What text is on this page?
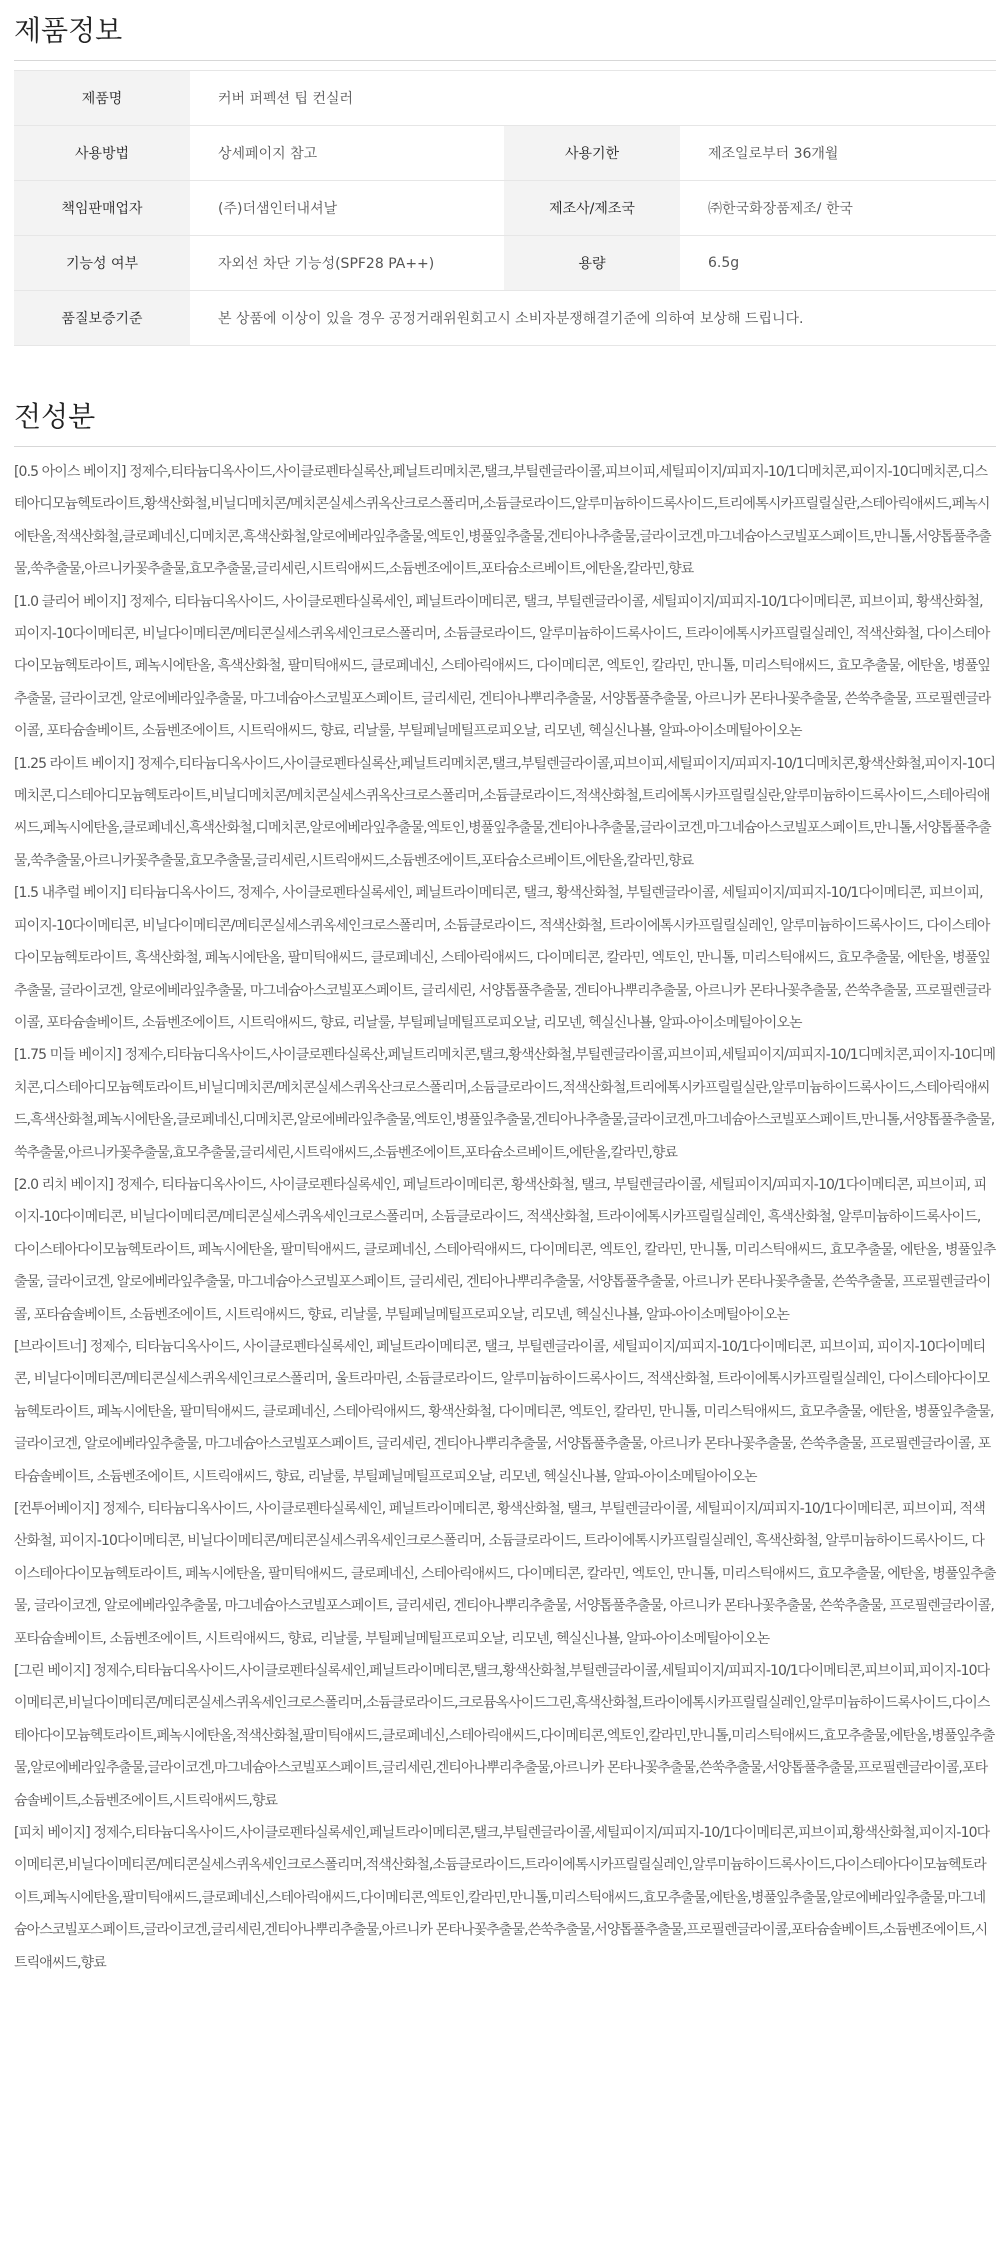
제품정보
제품명	커버 퍼펙션 팁 컨실러		
사용방법	상세페이지 참고	사용기한	제조일로부터 36개월
책임판매업자	(주)더샘인터내셔날	제조사/제조국	㈜한국화장품제조/ 한국
기능성 여부	자외선 차단 기능성(SPF28 PA++)	용량	6.5g
품질보증기준	본 상품에 이상이 있을 경우 공정거래위원회고시 소비자분쟁해결기준에 의하여 보상해 드립니다.		
전성분

[0.5 아이스 베이지] 정제수,티타늄디옥사이드,사이클로펜타실록산,페닐트리메치콘,탤크,부틸렌글라이콜,피브이피,세틸피이지/피피지-10/1디메치콘,피이지-10디메치콘,디스테아디모늄헥토라이트,황색산화철,비닐디메치콘/메치콘실세스퀴옥산크로스폴리머,소듐클로라이드,알루미늄하이드록사이드,트리에톡시카프릴릴실란,스테아릭애씨드,페녹시에탄올,적색산화철,클로페네신,디메치콘,흑색산화철,알로에베라잎추출물,엑토인,병풀잎추출물,겐티아나추출물,글라이코겐,마그네슘아스코빌포스페이트,만니톨,서양톱풀추출물,쑥추출물,아르니카꽃추출물,효모추출물,글리세린,시트릭애씨드,소듐벤조에이트,포타슘소르베이트,에탄올,칼라민,향료

[1.0 클리어 베이지] 정제수, 티타늄디옥사이드, 사이클로펜타실록세인, 페닐트라이메티콘, 탤크, 부틸렌글라이콜, 세틸피이지/피피지-10/1다이메티콘, 피브이피, 황색산화철, 피이지-10다이메티콘, 비닐다이메티콘/메티콘실세스퀴옥세인크로스폴리머, 소듐클로라이드, 알루미늄하이드록사이드, 트라이에톡시카프릴릴실레인, 적색산화철, 다이스테아다이모늄헥토라이트, 페녹시에탄올, 흑색산화철, 팔미틱애씨드, 클로페네신, 스테아릭애씨드, 다이메티콘, 엑토인, 칼라민, 만니톨, 미리스틱애씨드, 효모추출물, 에탄올, 병풀잎추출물, 글라이코겐, 알로에베라잎추출물, 마그네슘아스코빌포스페이트, 글리세린, 겐티아나뿌리추출물, 서양톱풀추출물, 아르니카 몬타나꽃추출물, 쓴쑥추출물, 프로필렌글라이콜, 포타슘솔베이트, 소듐벤조에이트, 시트릭애씨드, 향료, 리날룰, 부틸페닐메틸프로피오날, 리모넨, 헥실신나뵬, 알파-아이소메틸아이오논

[1.25 라이트 베이지] 정제수,티타늄디옥사이드,사이클로펜타실록산,페닐트리메치콘,탤크,부틸렌글라이콜,피브이피,세틸피이지/피피지-10/1디메치콘,황색산화철,피이지-10디메치콘,디스테아디모늄헥토라이트,비닐디메치콘/메치콘실세스퀴옥산크로스폴리머,소듐클로라이드,적색산화철,트리에톡시카프릴릴실란,알루미늄하이드록사이드,스테아릭애씨드,페녹시에탄올,클로페네신,흑색산화철,디메치콘,알로에베라잎추출물,엑토인,병풀잎추출물,겐티아나추출물,글라이코겐,마그네슘아스코빌포스페이트,만니톨,서양톱풀추출물,쑥추출물,아르니카꽃추출물,효모추출물,글리세린,시트릭애씨드,소듐벤조에이트,포타슘소르베이트,에탄올,칼라민,향료

[1.5 내추럴 베이지] 티타늄디옥사이드, 정제수, 사이클로펜타실록세인, 페닐트라이메티콘, 탤크, 황색산화철, 부틸렌글라이콜, 세틸피이지/피피지-10/1다이메티콘, 피브이피, 피이지-10다이메티콘, 비닐다이메티콘/메티콘실세스퀴옥세인크로스폴리머, 소듐클로라이드, 적색산화철, 트라이에톡시카프릴릴실레인, 알루미늄하이드록사이드, 다이스테아다이모늄헥토라이트, 흑색산화철, 페녹시에탄올, 팔미틱애씨드, 클로페네신, 스테아릭애씨드, 다이메티콘, 칼라민, 엑토인, 만니톨, 미리스틱애씨드, 효모추출물, 에탄올, 병풀잎추출물, 글라이코겐, 알로에베라잎추출물, 마그네슘아스코빌포스페이트, 글리세린, 서양톱풀추출물, 겐티아나뿌리추출물, 아르니카 몬타나꽃추출물, 쓴쑥추출물, 프로필렌글라이콜, 포타슘솔베이트, 소듐벤조에이트, 시트릭애씨드, 향료, 리날룰, 부틸페닐메틸프로피오날, 리모넨, 헥실신나뵬, 알파-아이소메틸아이오논

[1.75 미들 베이지] 정제수,티타늄디옥사이드,사이클로펜타실록산,페닐트리메치콘,탤크,황색산화철,부틸렌글라이콜,피브이피,세틸피이지/피피지-10/1디메치콘,피이지-10디메치콘,디스테아디모늄헥토라이트,비닐디메치콘/메치콘실세스퀴옥산크로스폴리머,소듐클로라이드,적색산화철,트리에톡시카프릴릴실란,알루미늄하이드록사이드,스테아릭애씨드,흑색산화철,페녹시에탄올,클로페네신,디메치콘,알로에베라잎추출물,엑토인,병풀잎추출물,겐티아나추출물,글라이코겐,마그네슘아스코빌포스페이트,만니톨,서양톱풀추출물,쑥추출물,아르니카꽃추출물,효모추출물,글리세린,시트릭애씨드,소듐벤조에이트,포타슘소르베이트,에탄올,칼라민,향료

[2.0 리치 베이지] 정제수, 티타늄디옥사이드, 사이클로펜타실록세인, 페닐트라이메티콘, 황색산화철, 탤크, 부틸렌글라이콜, 세틸피이지/피피지-10/1다이메티콘, 피브이피, 피이지-10다이메티콘, 비닐다이메티콘/메티콘실세스퀴옥세인크로스폴리머, 소듐클로라이드, 적색산화철, 트라이에톡시카프릴릴실레인, 흑색산화철, 알루미늄하이드록사이드, 다이스테아다이모늄헥토라이트, 페녹시에탄올, 팔미틱애씨드, 클로페네신, 스테아릭애씨드, 다이메티콘, 엑토인, 칼라민, 만니톨, 미리스틱애씨드, 효모추출물, 에탄올, 병풀잎추출물, 글라이코겐, 알로에베라잎추출물, 마그네슘아스코빌포스페이트, 글리세린, 겐티아나뿌리추출물, 서양톱풀추출물, 아르니카 몬타나꽃추출물, 쓴쑥추출물, 프로필렌글라이콜, 포타슘솔베이트, 소듐벤조에이트, 시트릭애씨드, 향료, 리날룰, 부틸페닐메틸프로피오날, 리모넨, 헥실신나뵬, 알파-아이소메틸아이오논

[브라이트너] 정제수, 티타늄디옥사이드, 사이클로펜타실록세인, 페닐트라이메티콘, 탤크, 부틸렌글라이콜, 세틸피이지/피피지-10/1다이메티콘, 피브이피, 피이지-10다이메티콘, 비닐다이메티콘/메티콘실세스퀴옥세인크로스폴리머, 울트라마린, 소듐클로라이드, 알루미늄하이드록사이드, 적색산화철, 트라이에톡시카프릴릴실레인, 다이스테아다이모늄헥토라이트, 페녹시에탄올, 팔미틱애씨드, 클로페네신, 스테아릭애씨드, 황색산화철, 다이메티콘, 엑토인, 칼라민, 만니톨, 미리스틱애씨드, 효모추출물, 에탄올, 병풀잎추출물, 글라이코겐, 알로에베라잎추출물, 마그네슘아스코빌포스페이트, 글리세린, 겐티아나뿌리추출물, 서양톱풀추출물, 아르니카 몬타나꽃추출물, 쓴쑥추출물, 프로필렌글라이콜, 포타슘솔베이트, 소듐벤조에이트, 시트릭애씨드, 향료, 리날룰, 부틸페닐메틸프로피오날, 리모넨, 헥실신나뵬, 알파-아이소메틸아이오논

[컨투어베이지] 정제수, 티타늄디옥사이드, 사이클로펜타실록세인, 페닐트라이메티콘, 황색산화철, 탤크, 부틸렌글라이콜, 세틸피이지/피피지-10/1다이메티콘, 피브이피, 적색산화철, 피이지-10다이메티콘, 비닐다이메티콘/메티콘실세스퀴옥세인크로스폴리머, 소듐클로라이드, 트라이에톡시카프릴릴실레인, 흑색산화철, 알루미늄하이드록사이드, 다이스테아다이모늄헥토라이트, 페녹시에탄올, 팔미틱애씨드, 클로페네신, 스테아릭애씨드, 다이메티콘, 칼라민, 엑토인, 만니톨, 미리스틱애씨드, 효모추출물, 에탄올, 병풀잎추출물, 글라이코겐, 알로에베라잎추출물, 마그네슘아스코빌포스페이트, 글리세린, 겐티아나뿌리추출물, 서양톱풀추출물, 아르니카 몬타나꽃추출물, 쓴쑥추출물, 프로필렌글라이콜, 포타슘솔베이트, 소듐벤조에이트, 시트릭애씨드, 향료, 리날룰, 부틸페닐메틸프로피오날, 리모넨, 헥실신나뵬, 알파-아이소메틸아이오논

[그린 베이지] 정제수,티타늄디옥사이드,사이클로펜타실록세인,페닐트라이메티콘,탤크,황색산화철,부틸렌글라이콜,세틸피이지/피피지-10/1다이메티콘,피브이피,피이지-10다이메티콘,비닐다이메티콘/메티콘실세스퀴옥세인크로스폴리머,소듐클로라이드,크로뮴옥사이드그린,흑색산화철,트라이에톡시카프릴릴실레인,알루미늄하이드록사이드,다이스테아다이모늄헥토라이트,페녹시에탄올,적색산화철,팔미틱애씨드,클로페네신,스테아릭애씨드,다이메티콘,엑토인,칼라민,만니톨,미리스틱애씨드,효모추출물,에탄올,병풀잎추출물,알로에베라잎추출물,글라이코겐,마그네슘아스코빌포스페이트,글리세린,겐티아나뿌리추출물,아르니카 몬타나꽃추출물,쓴쑥추출물,서양톱풀추출물,프로필렌글라이콜,포타슘솔베이트,소듐벤조에이트,시트릭애씨드,향료

[피치 베이지] 정제수,티타늄디옥사이드,사이클로펜타실록세인,페닐트라이메티콘,탤크,부틸렌글라이콜,세틸피이지/피피지-10/1다이메티콘,피브이피,황색산화철,피이지-10다이메티콘,비닐다이메티콘/메티콘실세스퀴옥세인크로스폴리머,적색산화철,소듐클로라이드,트라이에톡시카프릴릴실레인,알루미늄하이드록사이드,다이스테아다이모늄헥토라이트,페녹시에탄올,팔미틱애씨드,클로페네신,스테아릭애씨드,다이메티콘,엑토인,칼라민,만니톨,미리스틱애씨드,효모추출물,에탄올,병풀잎추출물,알로에베라잎추출물,마그네슘아스코빌포스페이트,글라이코겐,글리세린,겐티아나뿌리추출물,아르니카 몬타나꽃추출물,쓴쑥추출물,서양톱풀추출물,프로필렌글라이콜,포타슘솔베이트,소듐벤조에이트,시트릭애씨드,향료
